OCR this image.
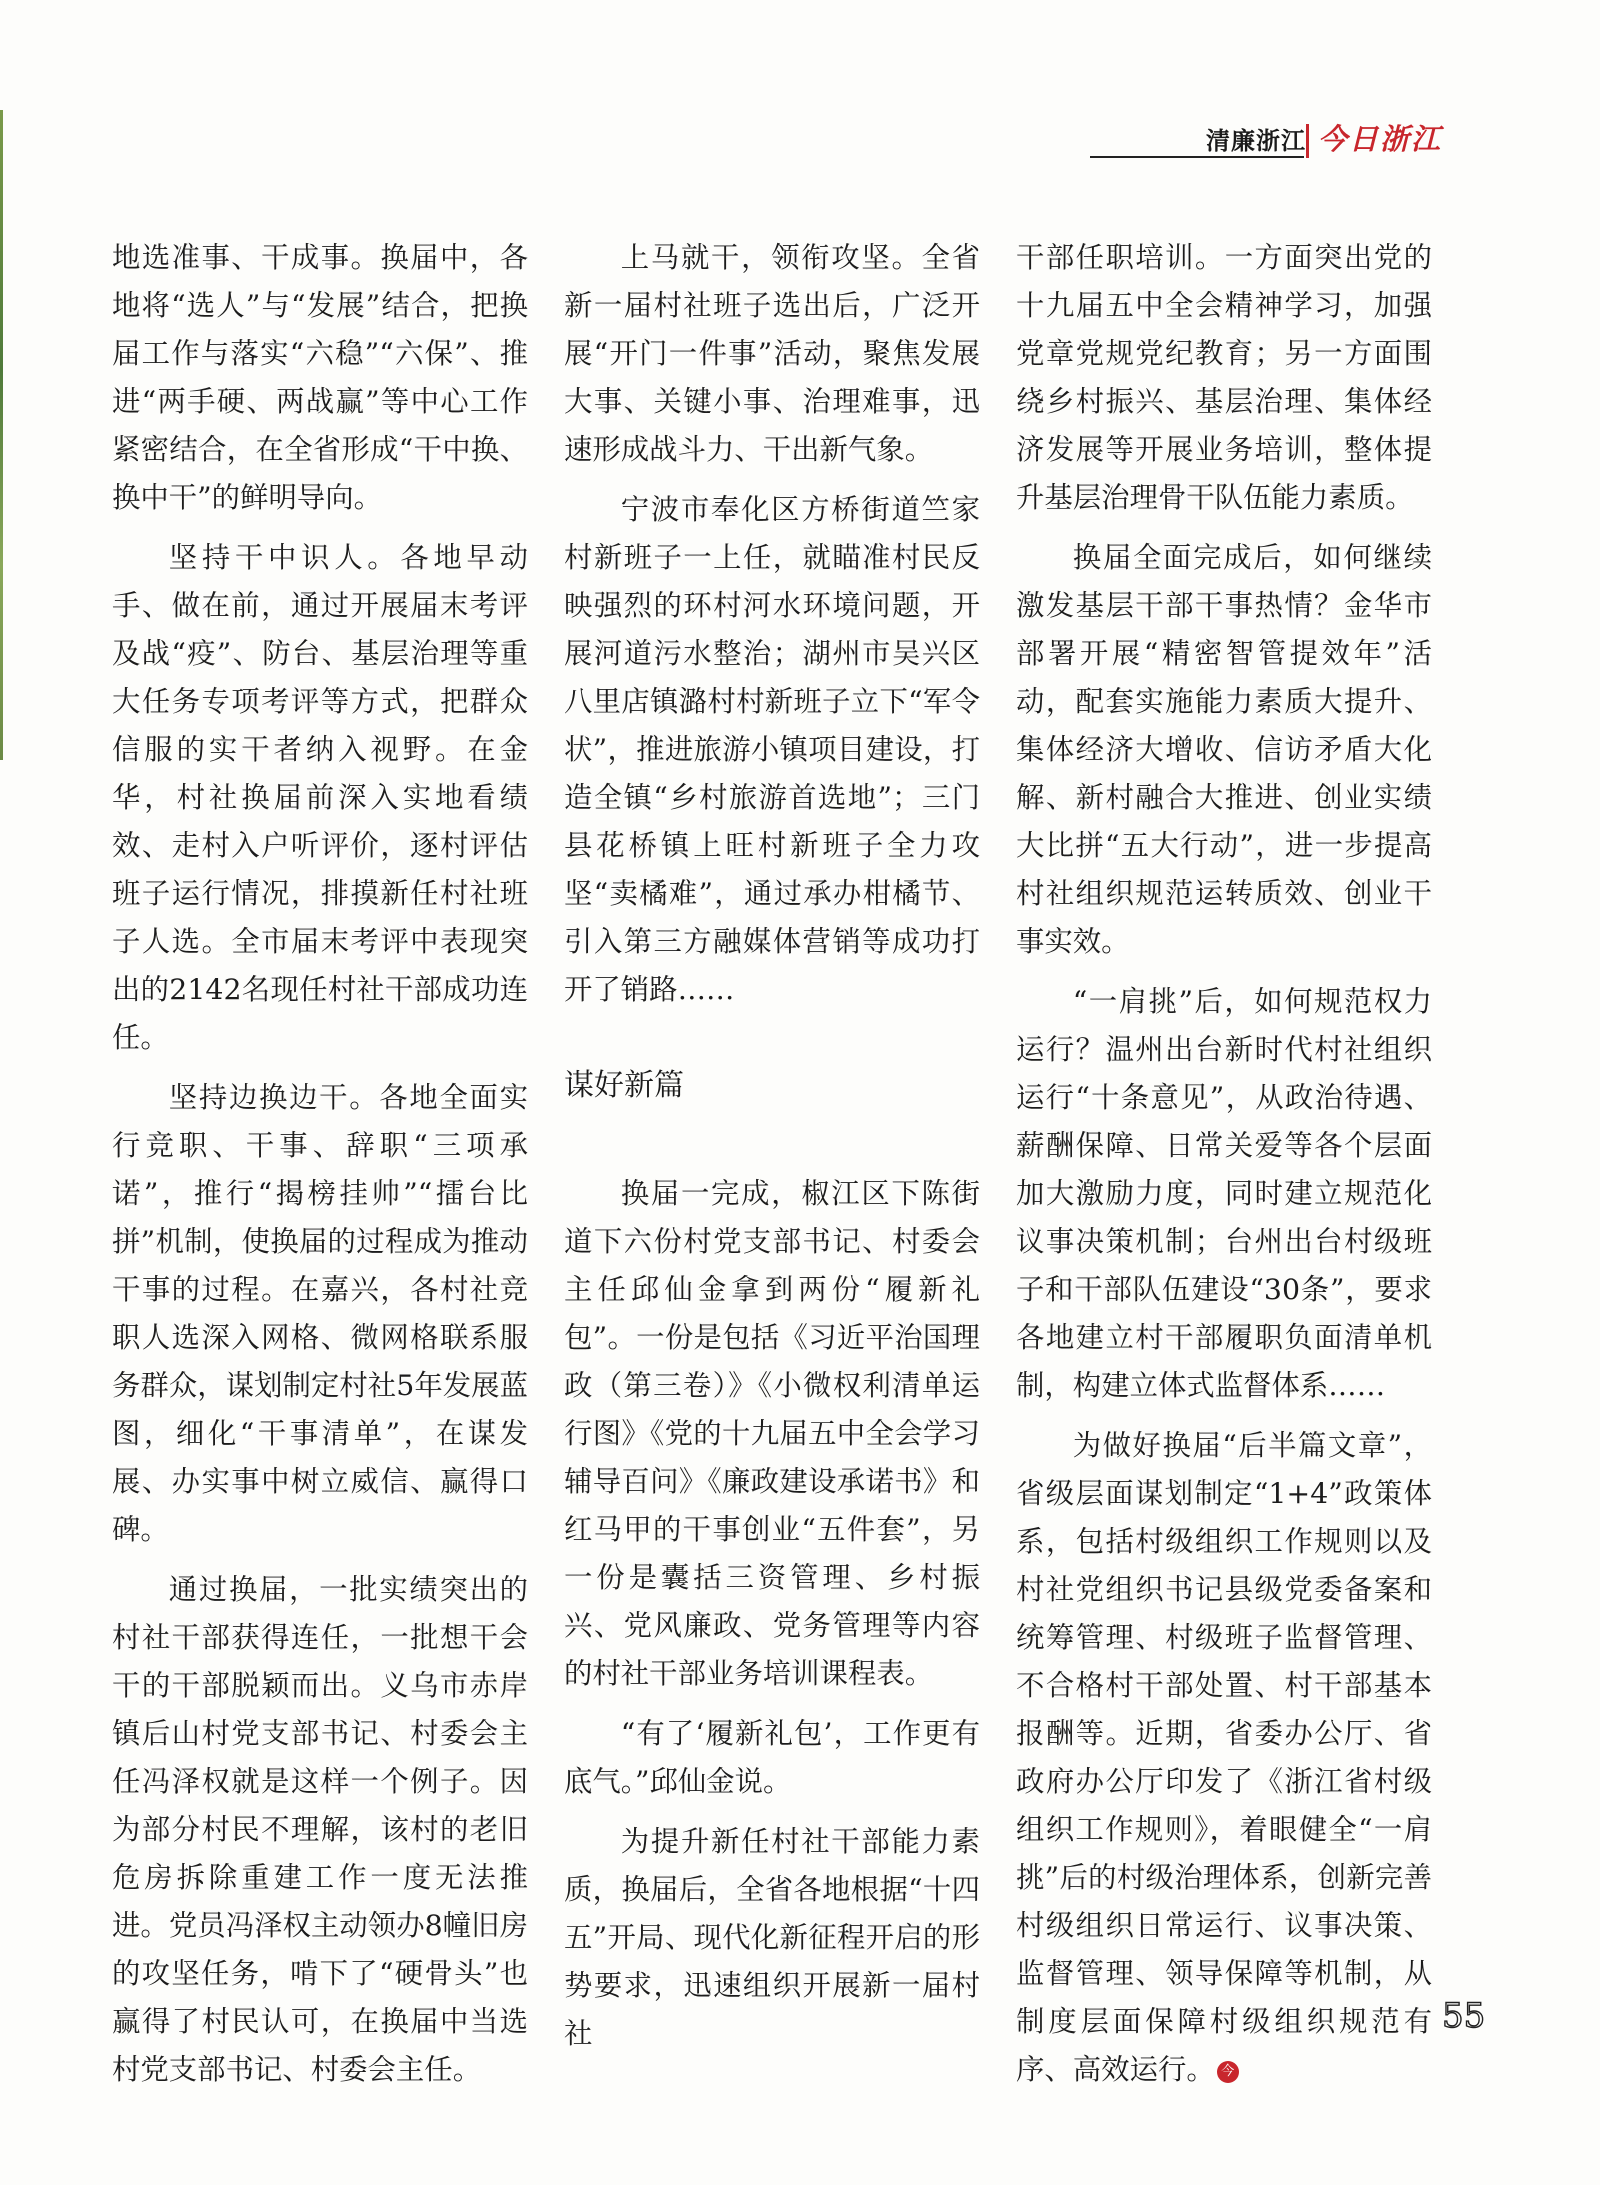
清廉浙江 今日浙江

地选准事、干成事。换届中，各地将“选人”与“发展”结合，把换届工作与落实“六稳”“六保”、推进“两手硬、两战赢”等中心工作紧密结合，在全省形成“干中换、换中干”的鲜明导向。

坚持干中识人。各地早动手、做在前，通过开展届末考评及战“疫”、防台、基层治理等重大任务专项考评等方式，把群众信服的实干者纳入视野。在金华，村社换届前深入实地看绩效、走村入户听评价，逐村评估班子运行情况，排摸新任村社班子人选。全市届末考评中表现突出的2142名现任村社干部成功连任。

坚持边换边干。各地全面实行竞职、干事、辞职“三项承诺”，推行“揭榜挂帅”“擂台比拼”机制，使换届的过程成为推动干事的过程。在嘉兴，各村社竞职人选深入网格、微网格联系服务群众，谋划制定村社5年发展蓝图，细化“干事清单”，在谋发展、办实事中树立威信、赢得口碑。

通过换届，一批实绩突出的村社干部获得连任，一批想干会干的干部脱颖而出。义乌市赤岸镇后山村党支部书记、村委会主任冯泽权就是这样一个例子。因为部分村民不理解，该村的老旧危房拆除重建工作一度无法推进。党员冯泽权主动领办8幢旧房的攻坚任务，啃下了“硬骨头”也赢得了村民认可，在换届中当选村党支部书记、村委会主任。

上马就干，领衔攻坚。全省新一届村社班子选出后，广泛开展“开门一件事”活动，聚焦发展大事、关键小事、治理难事，迅速形成战斗力、干出新气象。

宁波市奉化区方桥街道竺家村新班子一上任，就瞄准村民反映强烈的环村河水环境问题，开展河道污水整治；湖州市吴兴区八里店镇潞村村新班子立下“军令状”，推进旅游小镇项目建设，打造全镇“乡村旅游首选地”；三门县花桥镇上旺村新班子全力攻坚“卖橘难”，通过承办柑橘节、引入第三方融媒体营销等成功打开了销路……

谋好新篇

换届一完成，椒江区下陈街道下六份村党支部书记、村委会主任邱仙金拿到两份“履新礼包”。一份是包括《习近平治国理政（第三卷）》《小微权利清单运行图》《党的十九届五中全会学习辅导百问》《廉政建设承诺书》和红马甲的干事创业“五件套”，另一份是囊括三资管理、乡村振兴、党风廉政、党务管理等内容的村社干部业务培训课程表。

“有了‘履新礼包’，工作更有底气。”邱仙金说。

为提升新任村社干部能力素质，换届后，全省各地根据“十四五”开局、现代化新征程开启的形势要求，迅速组织开展新一届村社

干部任职培训。一方面突出党的十九届五中全会精神学习，加强党章党规党纪教育；另一方面围绕乡村振兴、基层治理、集体经济发展等开展业务培训，整体提升基层治理骨干队伍能力素质。

换届全面完成后，如何继续激发基层干部干事热情？金华市部署开展“精密智管提效年”活动，配套实施能力素质大提升、集体经济大增收、信访矛盾大化解、新村融合大推进、创业实绩大比拼“五大行动”，进一步提高村社组织规范运转质效、创业干事实效。

“一肩挑”后，如何规范权力运行？温州出台新时代村社组织运行“十条意见”，从政治待遇、薪酬保障、日常关爱等各个层面加大激励力度，同时建立规范化议事决策机制；台州出台村级班子和干部队伍建设“30条”，要求各地建立村干部履职负面清单机制，构建立体式监督体系……

为做好换届“后半篇文章”，省级层面谋划制定“1+4”政策体系，包括村级组织工作规则以及村社党组织书记县级党委备案和统筹管理、村级班子监督管理、不合格村干部处置、村干部基本报酬等。近期，省委办公厅、省政府办公厅印发了《浙江省村级组织工作规则》，着眼健全“一肩挑”后的村级治理体系，创新完善村级组织日常运行、议事决策、监督管理、领导保障等机制，从制度层面保障村级组织规范有序、高效运行。 今

55
